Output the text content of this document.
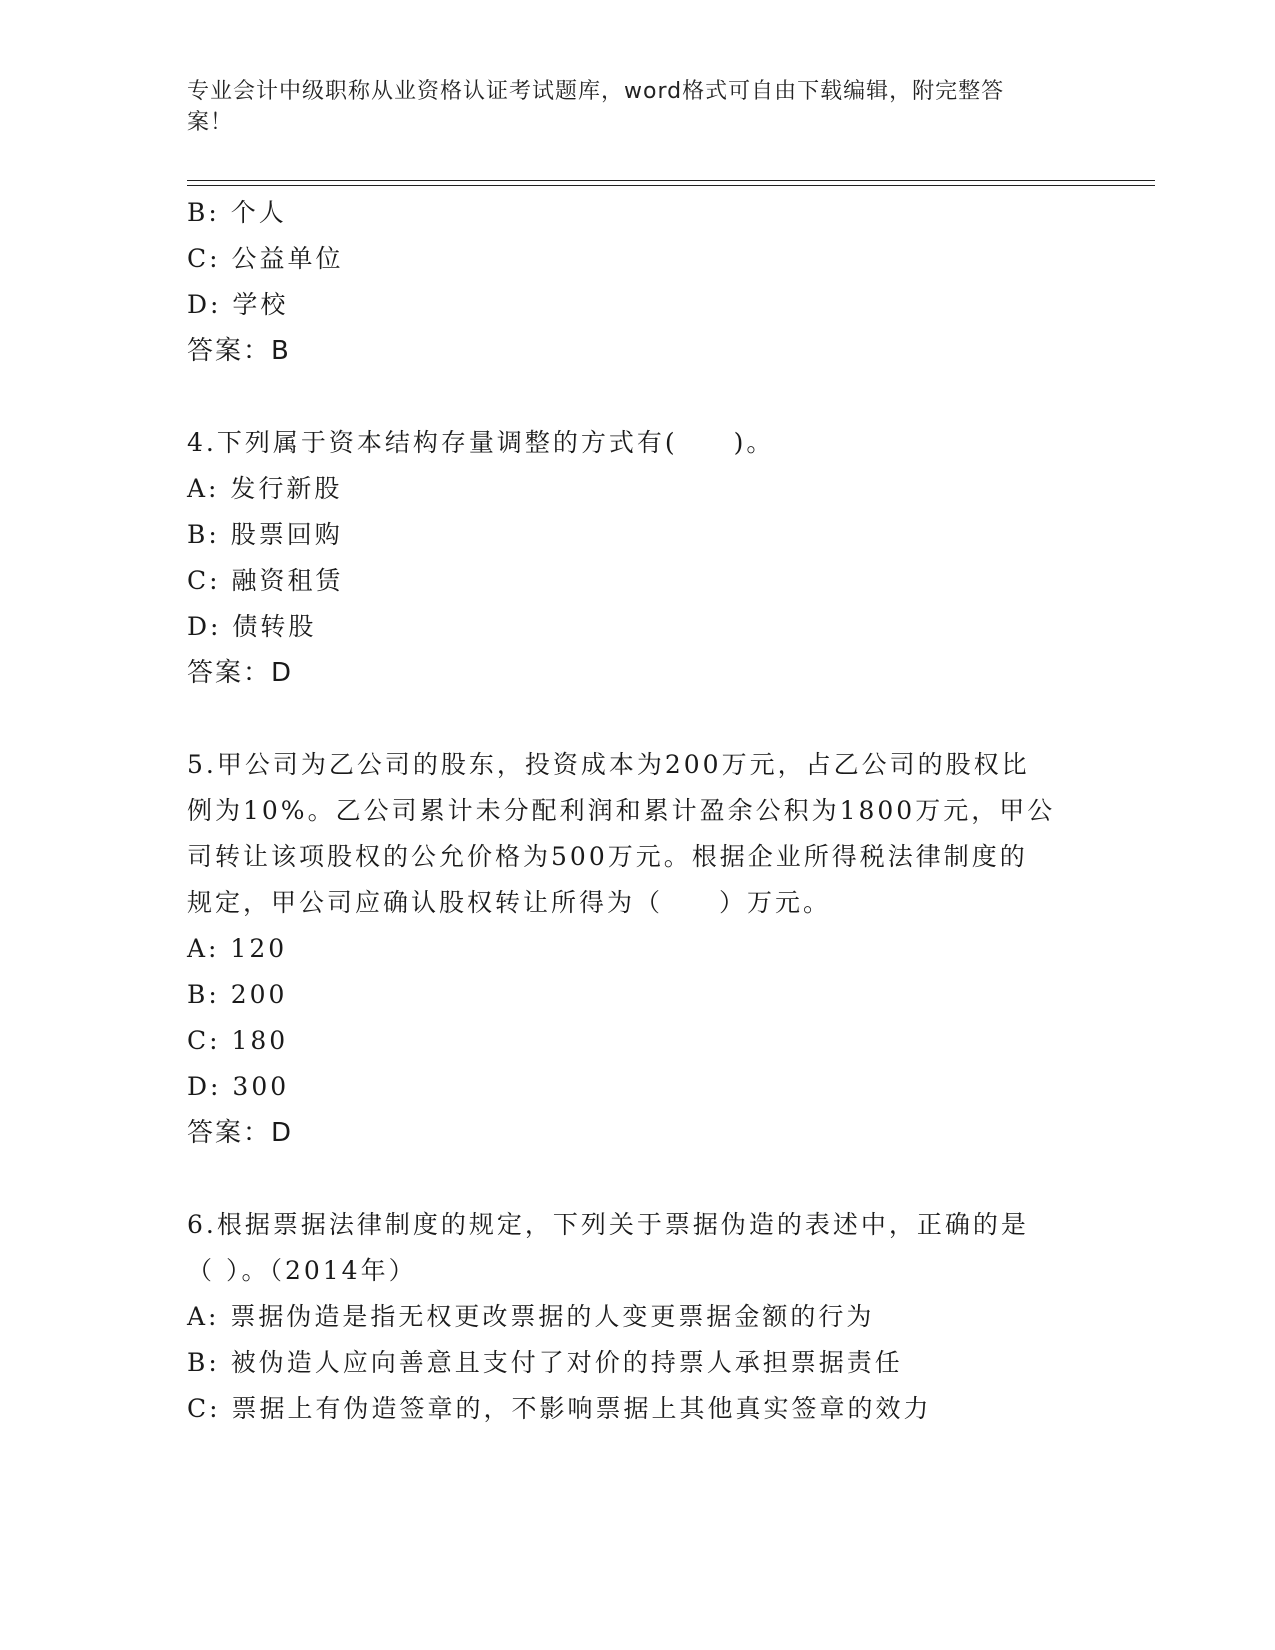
专业会计中级职称从业资格认证考试题库，word格式可自由下载编辑，附完整答
案！
B: 个人
C: 公益单位
D: 学校
答案：B
4.下列属于资本结构存量调整的方式有(　　)。
A: 发行新股
B: 股票回购
C: 融资租赁
D: 债转股
答案：D
5.甲公司为乙公司的股东，投资成本为200万元，占乙公司的股权比
例为10%。乙公司累计未分配利润和累计盈余公积为1800万元，甲公
司转让该项股权的公允价格为500万元。根据企业所得税法律制度的
规定，甲公司应确认股权转让所得为（　　）万元。
A: 120
B: 200
C: 180
D: 300
答案：D
6.根据票据法律制度的规定，下列关于票据伪造的表述中，正确的是
（ ）。（2014年）
A: 票据伪造是指无权更改票据的人变更票据金额的行为
B: 被伪造人应向善意且支付了对价的持票人承担票据责任
C: 票据上有伪造签章的，不影响票据上其他真实签章的效力
